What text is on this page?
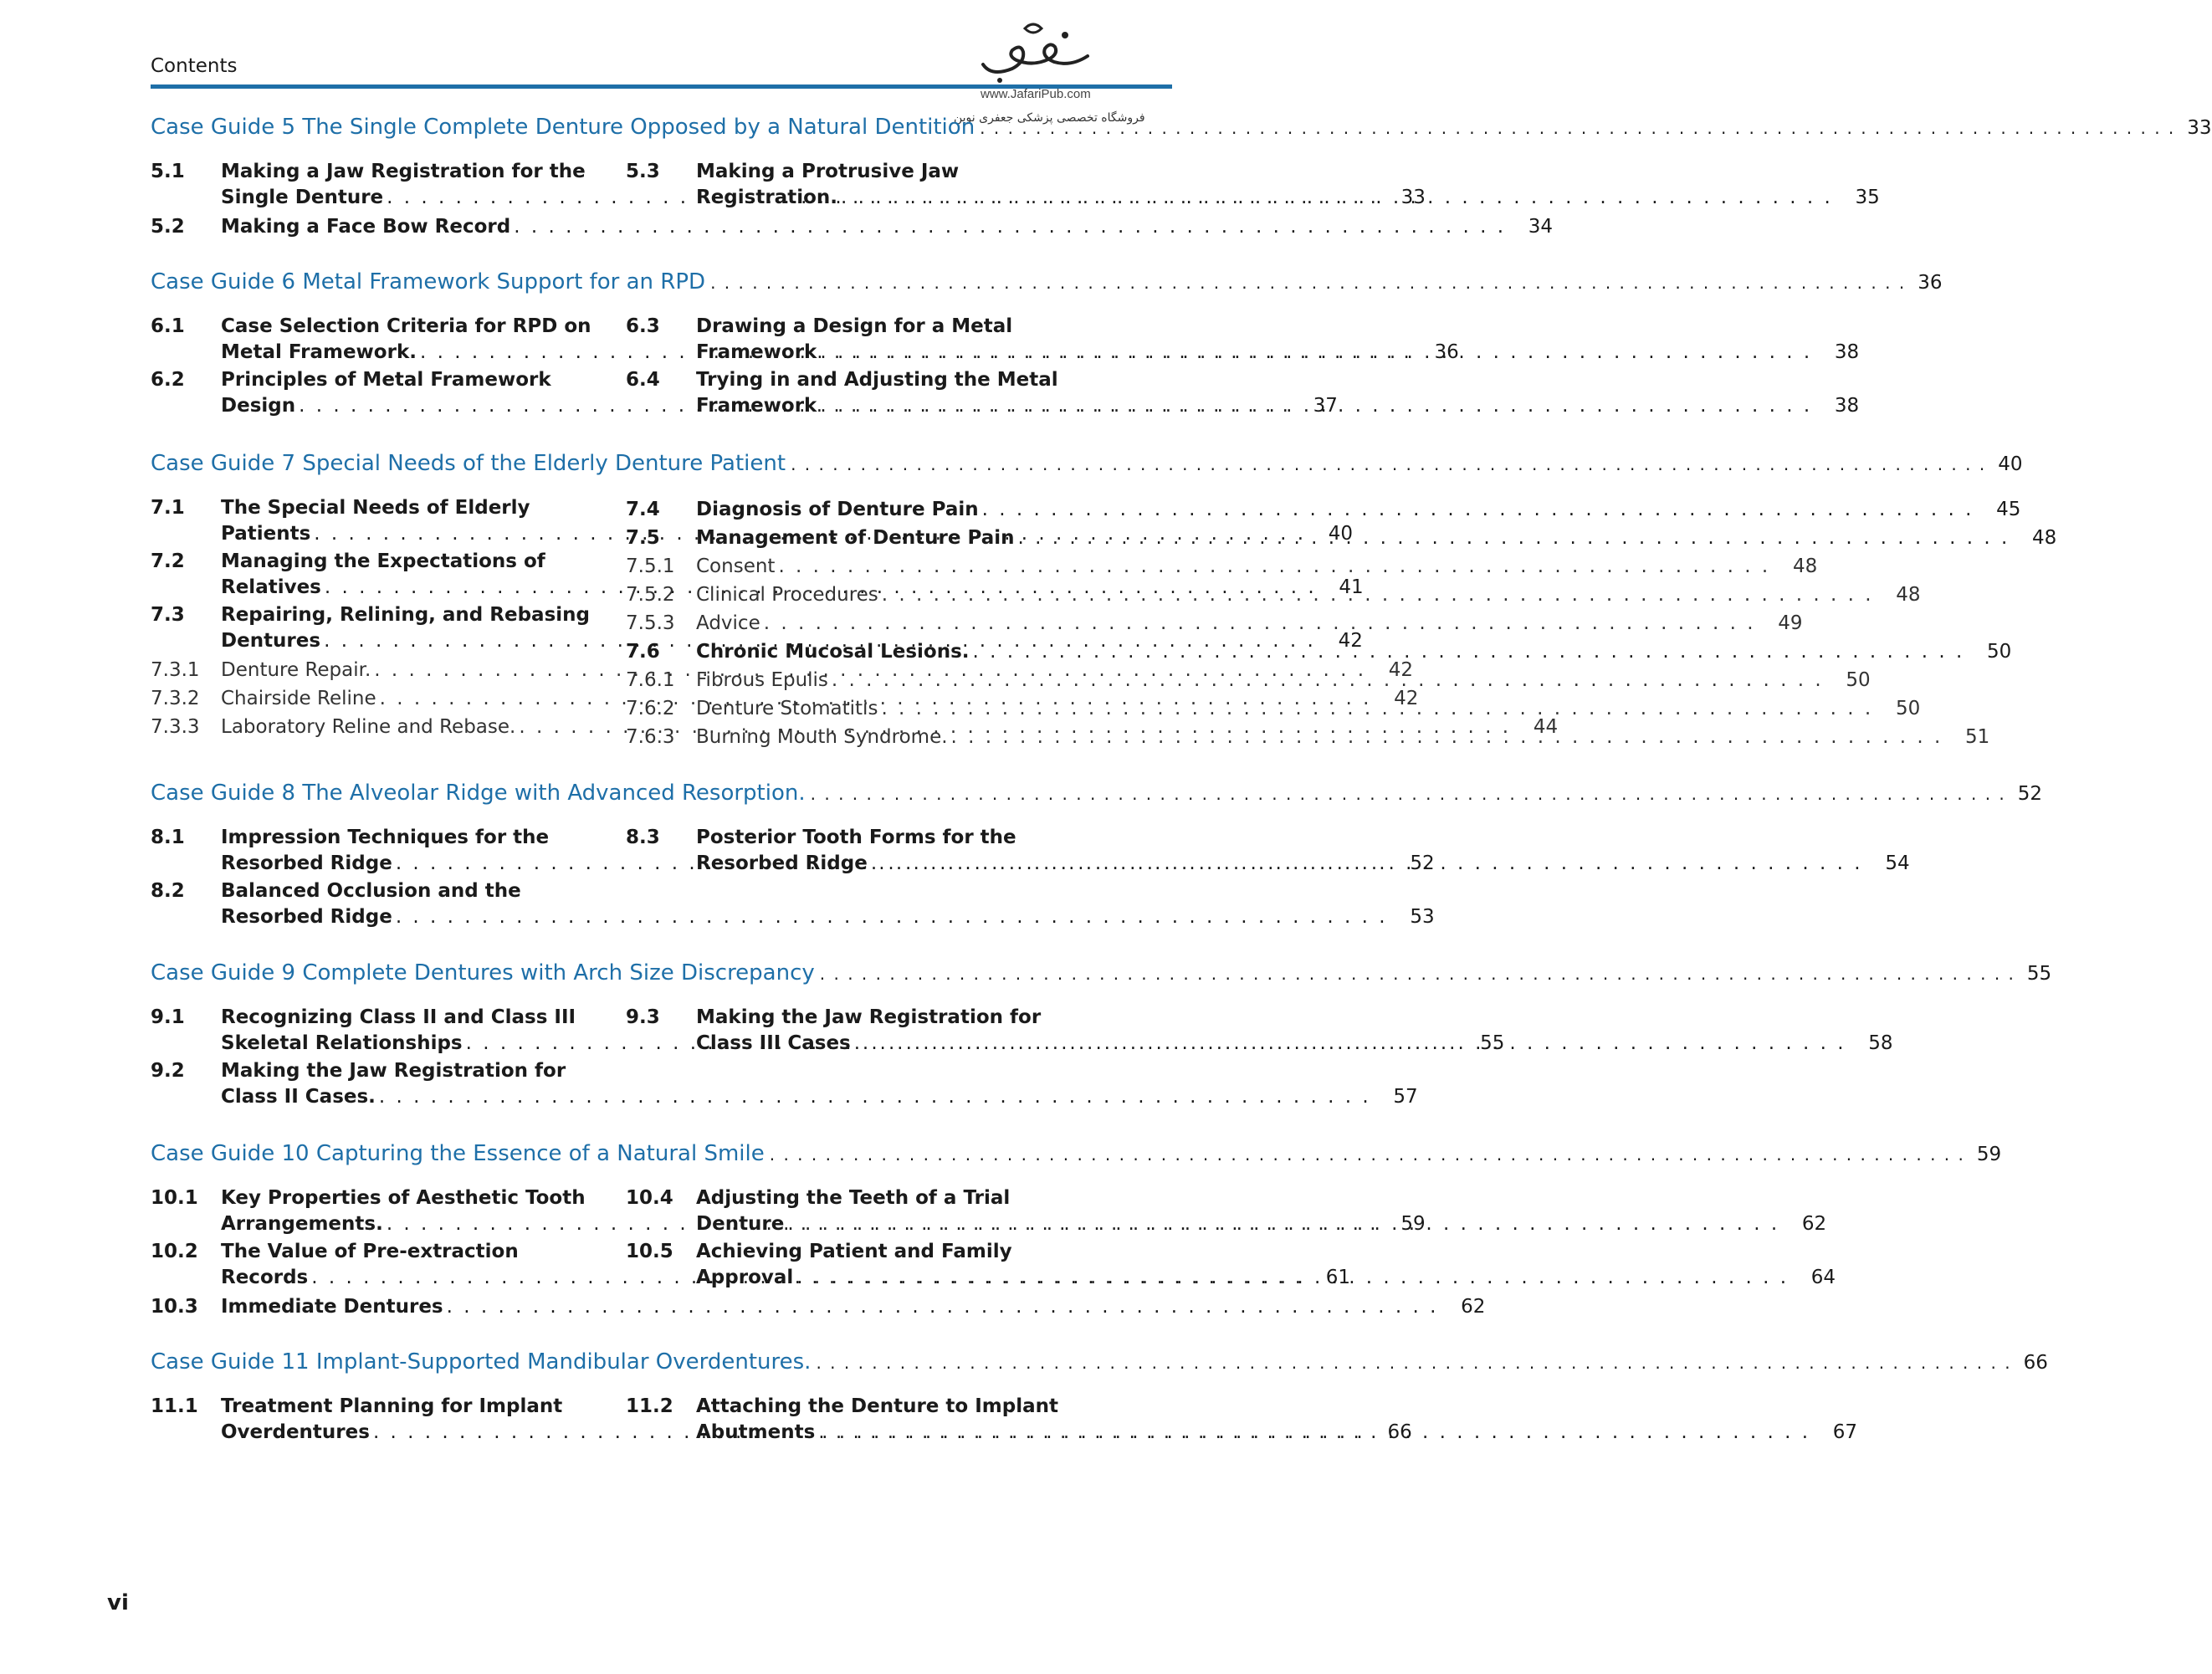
Contents
www.JafariPub.com
فروشگاه تخصصی پزشکی جعفری نوین
Case Guide 5 The Single Complete Denture Opposed by a Natural Dentition . . .	33
5.1	Making a Jaw Registration for the
Single Denture . . .	33
5.2	Making a Face Bow Record . . .	34
5.3	Making a Protrusive Jaw
Registration. . . .	35
Case Guide 6 Metal Framework Support for an RPD . . .	36
6.1	Case Selection Criteria for RPD on
Metal Framework. . . .	36
6.2	Principles of Metal Framework
Design . . .	37
6.3	Drawing a Design for a Metal
Framework . . .	38
6.4	Trying in and Adjusting the Metal
Framework . . .	38
Case Guide 7 Special Needs of the Elderly Denture Patient . . .	40
7.1	The Special Needs of Elderly
Patients . . .	40
7.2	Managing the Expectations of
Relatives . . .	41
7.3	Repairing, Relining, and Rebasing
Dentures . . .	42
7.3.1	Denture Repair. . . .	42
7.3.2	Chairside Reline . . .	42
7.3.3	Laboratory Reline and Rebase. . . .	44
7.4	Diagnosis of Denture Pain . . .	45
7.5	Management of Denture Pain . . .	48
7.5.1	Consent . . .	48
7.5.2	Clinical Procedures . . .	48
7.5.3	Advice . . .	49
7.6	Chronic Mucosal Lesions. . . .	50
7.6.1	Fibrous Epulis . . .	50
7.6.2	Denture Stomatitis . . .	50
7.6.3	Burning Mouth Syndrome. . . .	51
Case Guide 8 The Alveolar Ridge with Advanced Resorption. . . .	52
8.1	Impression Techniques for the
Resorbed Ridge . . .	52
8.2	Balanced Occlusion and the
Resorbed Ridge . . .	53
8.3	Posterior Tooth Forms for the
Resorbed Ridge . . .	54
Case Guide 9 Complete Dentures with Arch Size Discrepancy . . .	55
9.1	Recognizing Class II and Class III
Skeletal Relationships . . .	55
9.2	Making the Jaw Registration for
Class II Cases. . . .	57
9.3	Making the Jaw Registration for
Class III Cases . . .	58
Case Guide 10 Capturing the Essence of a Natural Smile . . .	59
10.1	Key Properties of Aesthetic Tooth
Arrangements. . . .	59
10.2	The Value of Pre-extraction
Records . . .	61
10.3	Immediate Dentures . . .	62
10.4	Adjusting the Teeth of a Trial
Denture . . .	62
10.5	Achieving Patient and Family
Approval . . .	64
Case Guide 11 Implant-Supported Mandibular Overdentures. . . .	66
11.1	Treatment Planning for Implant
Overdentures . . .	66
11.2	Attaching the Denture to Implant
Abutments . . .	67
vi
